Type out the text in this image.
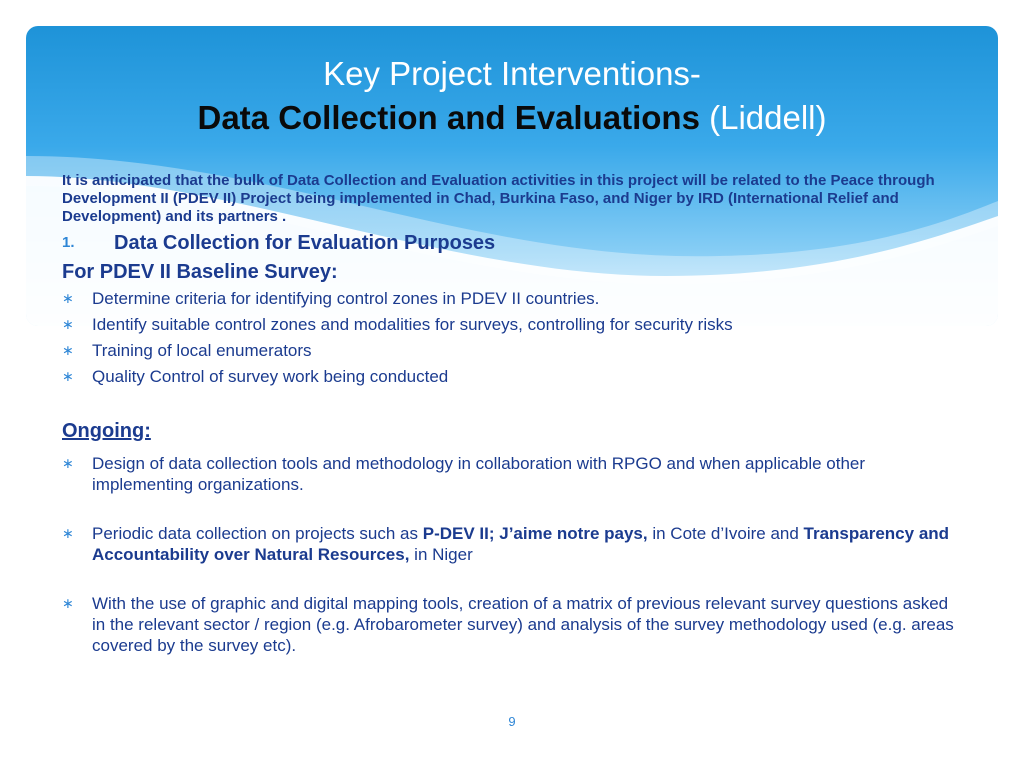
Key Project Interventions-
Data Collection and Evaluations (Liddell)

It is anticipated that the bulk of Data Collection and Evaluation activities in this project will be related to the Peace through Development II (PDEV II) Project being implemented in Chad, Burkina Faso, and Niger by IRD (International Relief and Development) and its partners .

1. Data Collection for Evaluation Purposes

For PDEV II Baseline Survey:
∗ Determine criteria for identifying control zones in PDEV II countries.
∗ Identify suitable control zones and modalities for surveys, controlling for security risks
∗ Training of local enumerators
∗ Quality Control of survey work being conducted
Ongoing:
∗ Design of data collection tools and methodology in collaboration with RPGO and when applicable other implementing organizations.
∗ Periodic data collection on projects such as P-DEV II; J’aime notre pays, in Cote d’Ivoire and Transparency and Accountability over Natural Resources, in Niger
∗ With the use of graphic and digital mapping tools, creation of a matrix of previous relevant survey questions asked in the relevant sector / region (e.g. Afrobarometer survey) and analysis of the survey methodology used (e.g. areas covered by the survey etc).
9
